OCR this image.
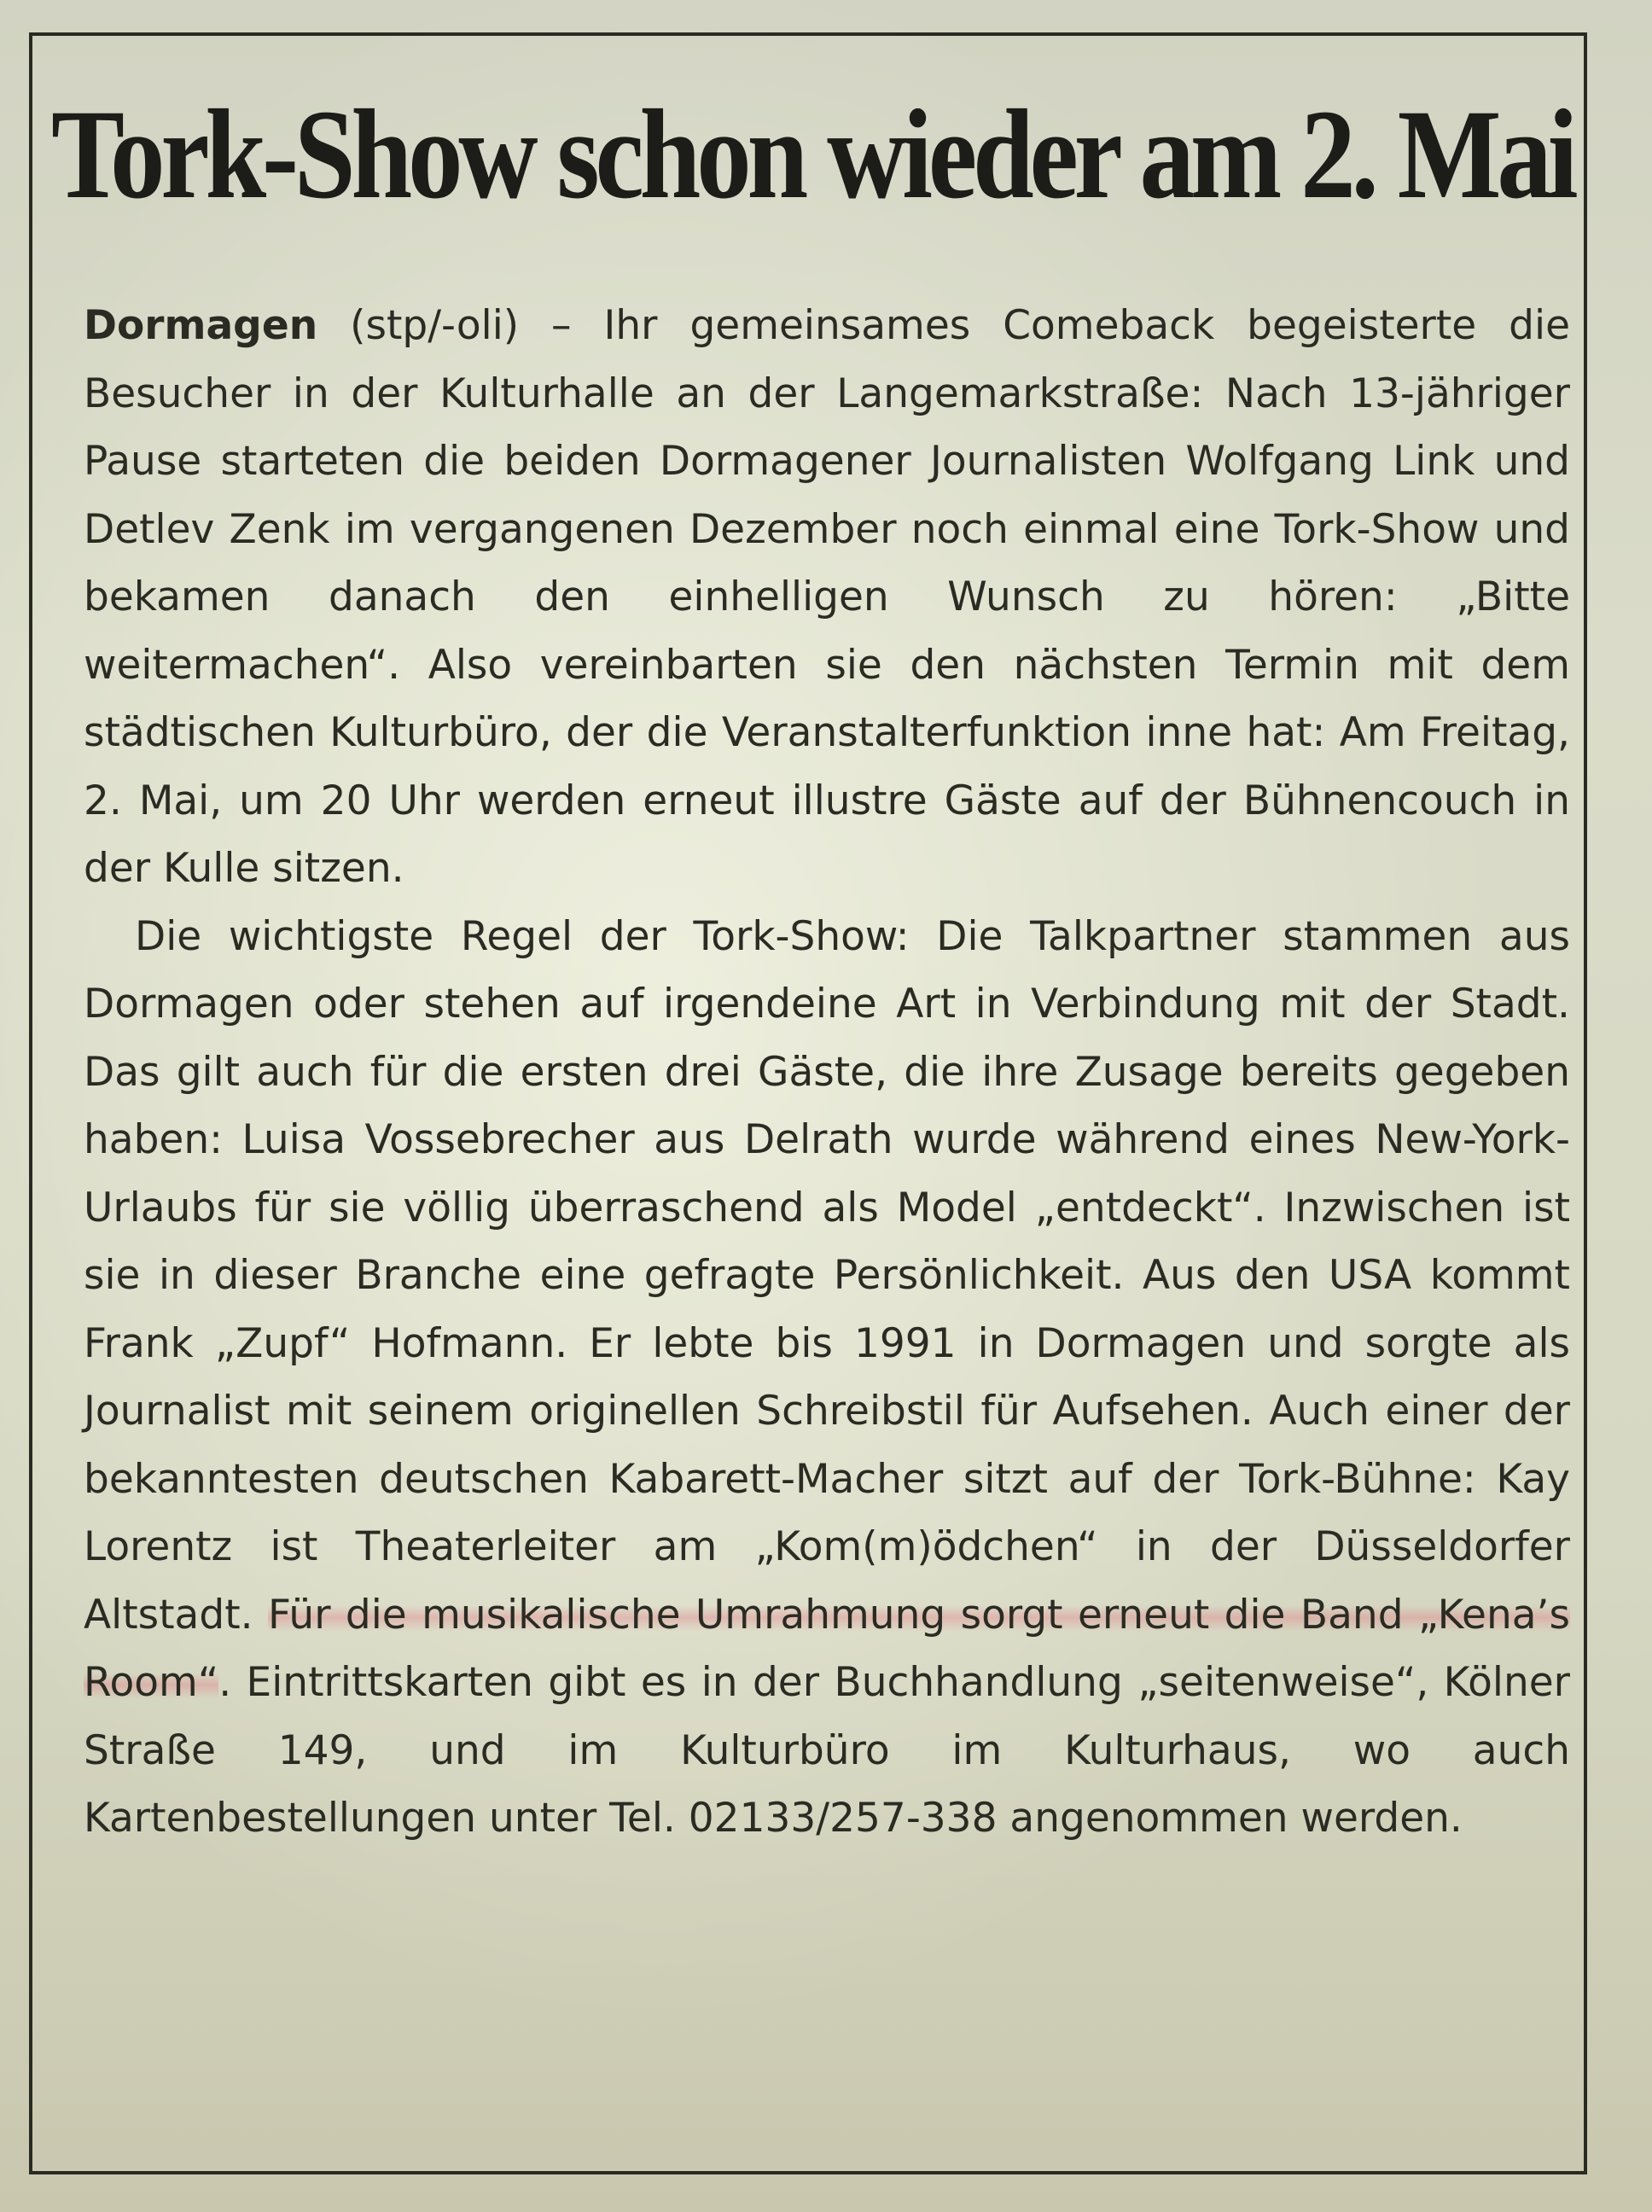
Tork-Show schon wieder am 2. Mai

Dormagen (stp/-oli) – Ihr gemeinsames Comeback begeisterte die Besucher in der Kulturhalle an der Langemarkstraße: Nach 13-jähriger Pause starteten die beiden Dormagener Journalisten Wolfgang Link und Detlev Zenk im vergangenen Dezember noch einmal eine Tork-Show und bekamen danach den einhelligen Wunsch zu hören: „Bitte weitermachen“. Also vereinbarten sie den nächsten Termin mit dem städtischen Kulturbüro, der die Veranstalterfunktion inne hat: Am Freitag, 2. Mai, um 20 Uhr werden erneut illustre Gäste auf der Bühnencouch in der Kulle sitzen.

Die wichtigste Regel der Tork-Show: Die Talkpartner stammen aus Dormagen oder stehen auf irgendeine Art in Verbindung mit der Stadt. Das gilt auch für die ersten drei Gäste, die ihre Zusage bereits gegeben haben: Luisa Vossebrecher aus Delrath wurde während eines New-York-Urlaubs für sie völlig überraschend als Model „entdeckt“. Inzwischen ist sie in dieser Branche eine gefragte Persönlichkeit. Aus den USA kommt Frank „Zupf“ Hofmann. Er lebte bis 1991 in Dormagen und sorgte als Journalist mit seinem originellen Schreibstil für Aufsehen. Auch einer der bekanntesten deutschen Kabarett-Macher sitzt auf der Tork-Bühne: Kay Lorentz ist Theaterleiter am „Kom(m)ödchen“ in der Düsseldorfer Altstadt. Für die musikalische Umrahmung sorgt erneut die Band „Kena’s Room“. Eintrittskarten gibt es in der Buchhandlung „seitenweise“, Kölner Straße 149, und im Kulturbüro im Kulturhaus, wo auch Kartenbestellungen unter Tel. 02133/257-338 angenommen werden.
